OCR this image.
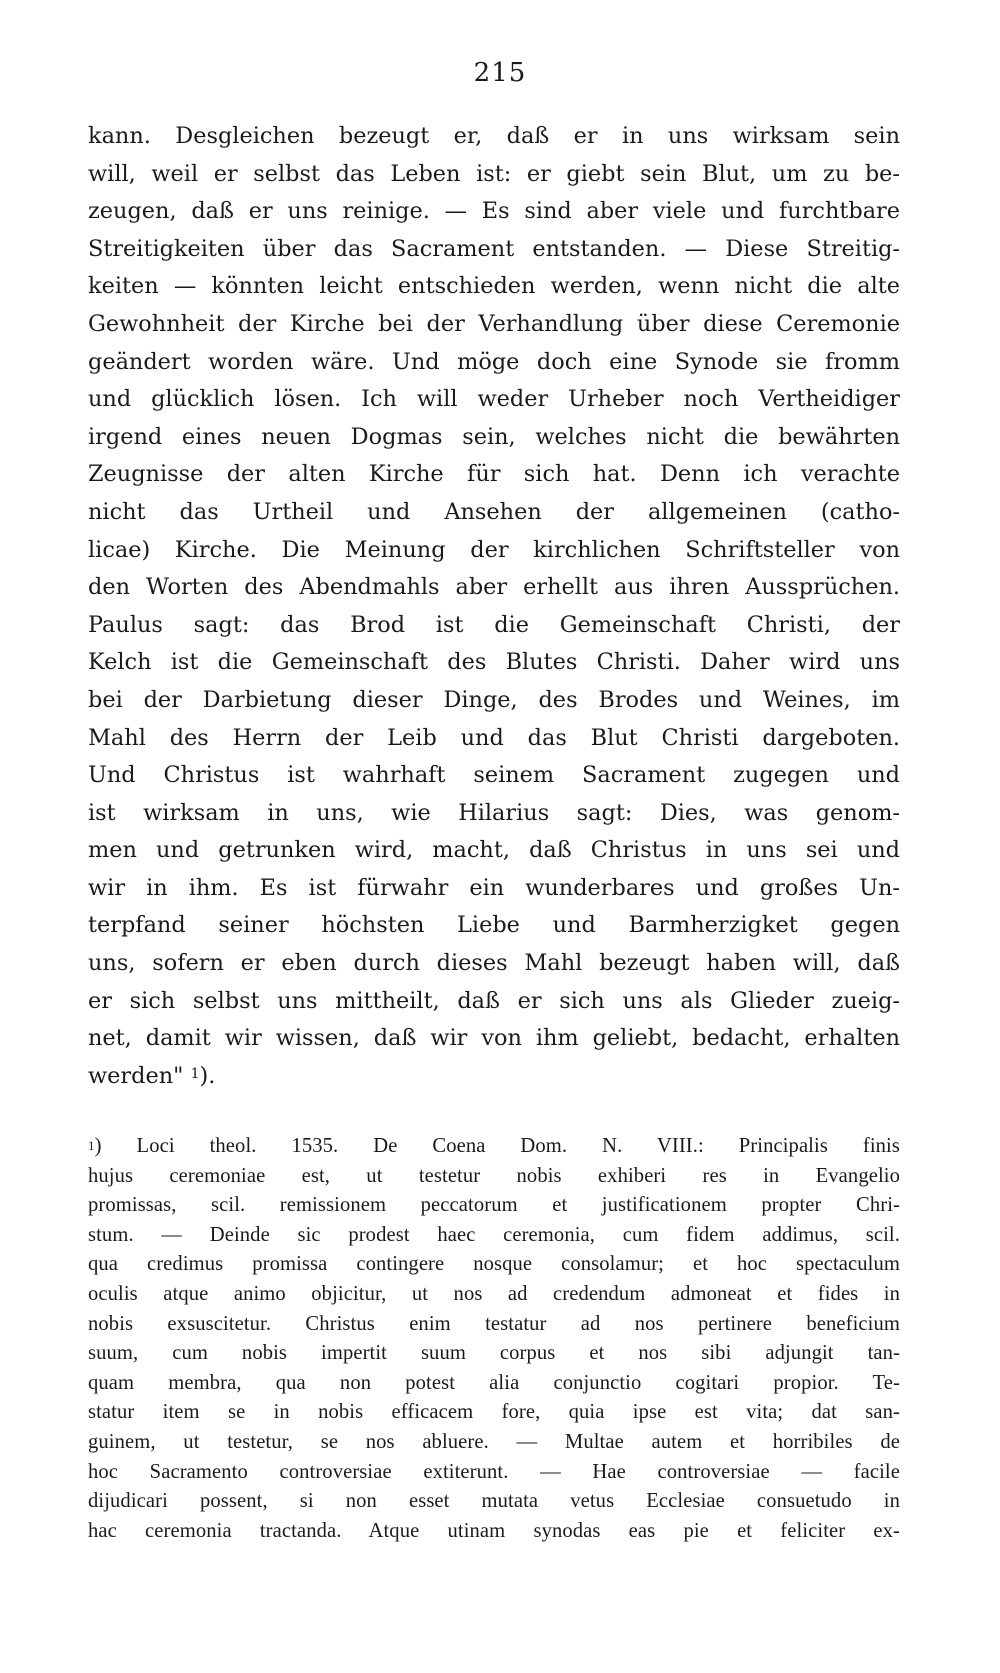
215
kann. Desgleichen bezeugt er, daß er in uns wirksam sein
will, weil er selbst das Leben ist: er giebt sein Blut, um zu be-
zeugen, daß er uns reinige. — Es sind aber viele und furchtbare
Streitigkeiten über das Sacrament entstanden. — Diese Streitig-
keiten — könnten leicht entschieden werden, wenn nicht die alte
Gewohnheit der Kirche bei der Verhandlung über diese Ceremonie
geändert worden wäre. Und möge doch eine Synode sie fromm
und glücklich lösen. Ich will weder Urheber noch Vertheidiger
irgend eines neuen Dogmas sein, welches nicht die bewährten
Zeugnisse der alten Kirche für sich hat. Denn ich verachte
nicht das Urtheil und Ansehen der allgemeinen (catho-
licae) Kirche. Die Meinung der kirchlichen Schriftsteller von
den Worten des Abendmahls aber erhellt aus ihren Aussprüchen.
Paulus sagt: das Brod ist die Gemeinschaft Christi, der
Kelch ist die Gemeinschaft des Blutes Christi. Daher wird uns
bei der Darbietung dieser Dinge, des Brodes und Weines, im
Mahl des Herrn der Leib und das Blut Christi dargeboten.
Und Christus ist wahrhaft seinem Sacrament zugegen und
ist wirksam in uns, wie Hilarius sagt: Dies, was genom-
men und getrunken wird, macht, daß Christus in uns sei und
wir in ihm. Es ist fürwahr ein wunderbares und großes Un-
terpfand seiner höchsten Liebe und Barmherzigket gegen
uns, sofern er eben durch dieses Mahl bezeugt haben will, daß
er sich selbst uns mittheilt, daß er sich uns als Glieder zueig-
net, damit wir wissen, daß wir von ihm geliebt, bedacht, erhalten
werden" $^1$).
$^1$) Loci theol. 1535. De Coena Dom. N. VIII.: Principalis finis
hujus ceremoniae est, ut testetur nobis exhiberi res in Evangelio
promissas, scil. remissionem peccatorum et justificationem propter Chri-
stum. — Deinde sic prodest haec ceremonia, cum fidem addimus, scil.
qua credimus promissa contingere nosque consolamur; et hoc spectaculum
oculis atque animo objicitur, ut nos ad credendum admoneat et fides in
nobis exsuscitetur. Christus enim testatur ad nos pertinere beneficium
suum, cum nobis impertit suum corpus et nos sibi adjungit tan-
quam membra, qua non potest alia conjunctio cogitari propior. Te-
statur item se in nobis efficacem fore, quia ipse est vita; dat san-
guinem, ut testetur, se nos abluere. — Multae autem et horribiles de
hoc Sacramento controversiae extiterunt. — Hae controversiae — facile
dijudicari possent, si non esset mutata vetus Ecclesiae consuetudo in
hac ceremonia tractanda. Atque utinam synodas eas pie et feliciter ex-
